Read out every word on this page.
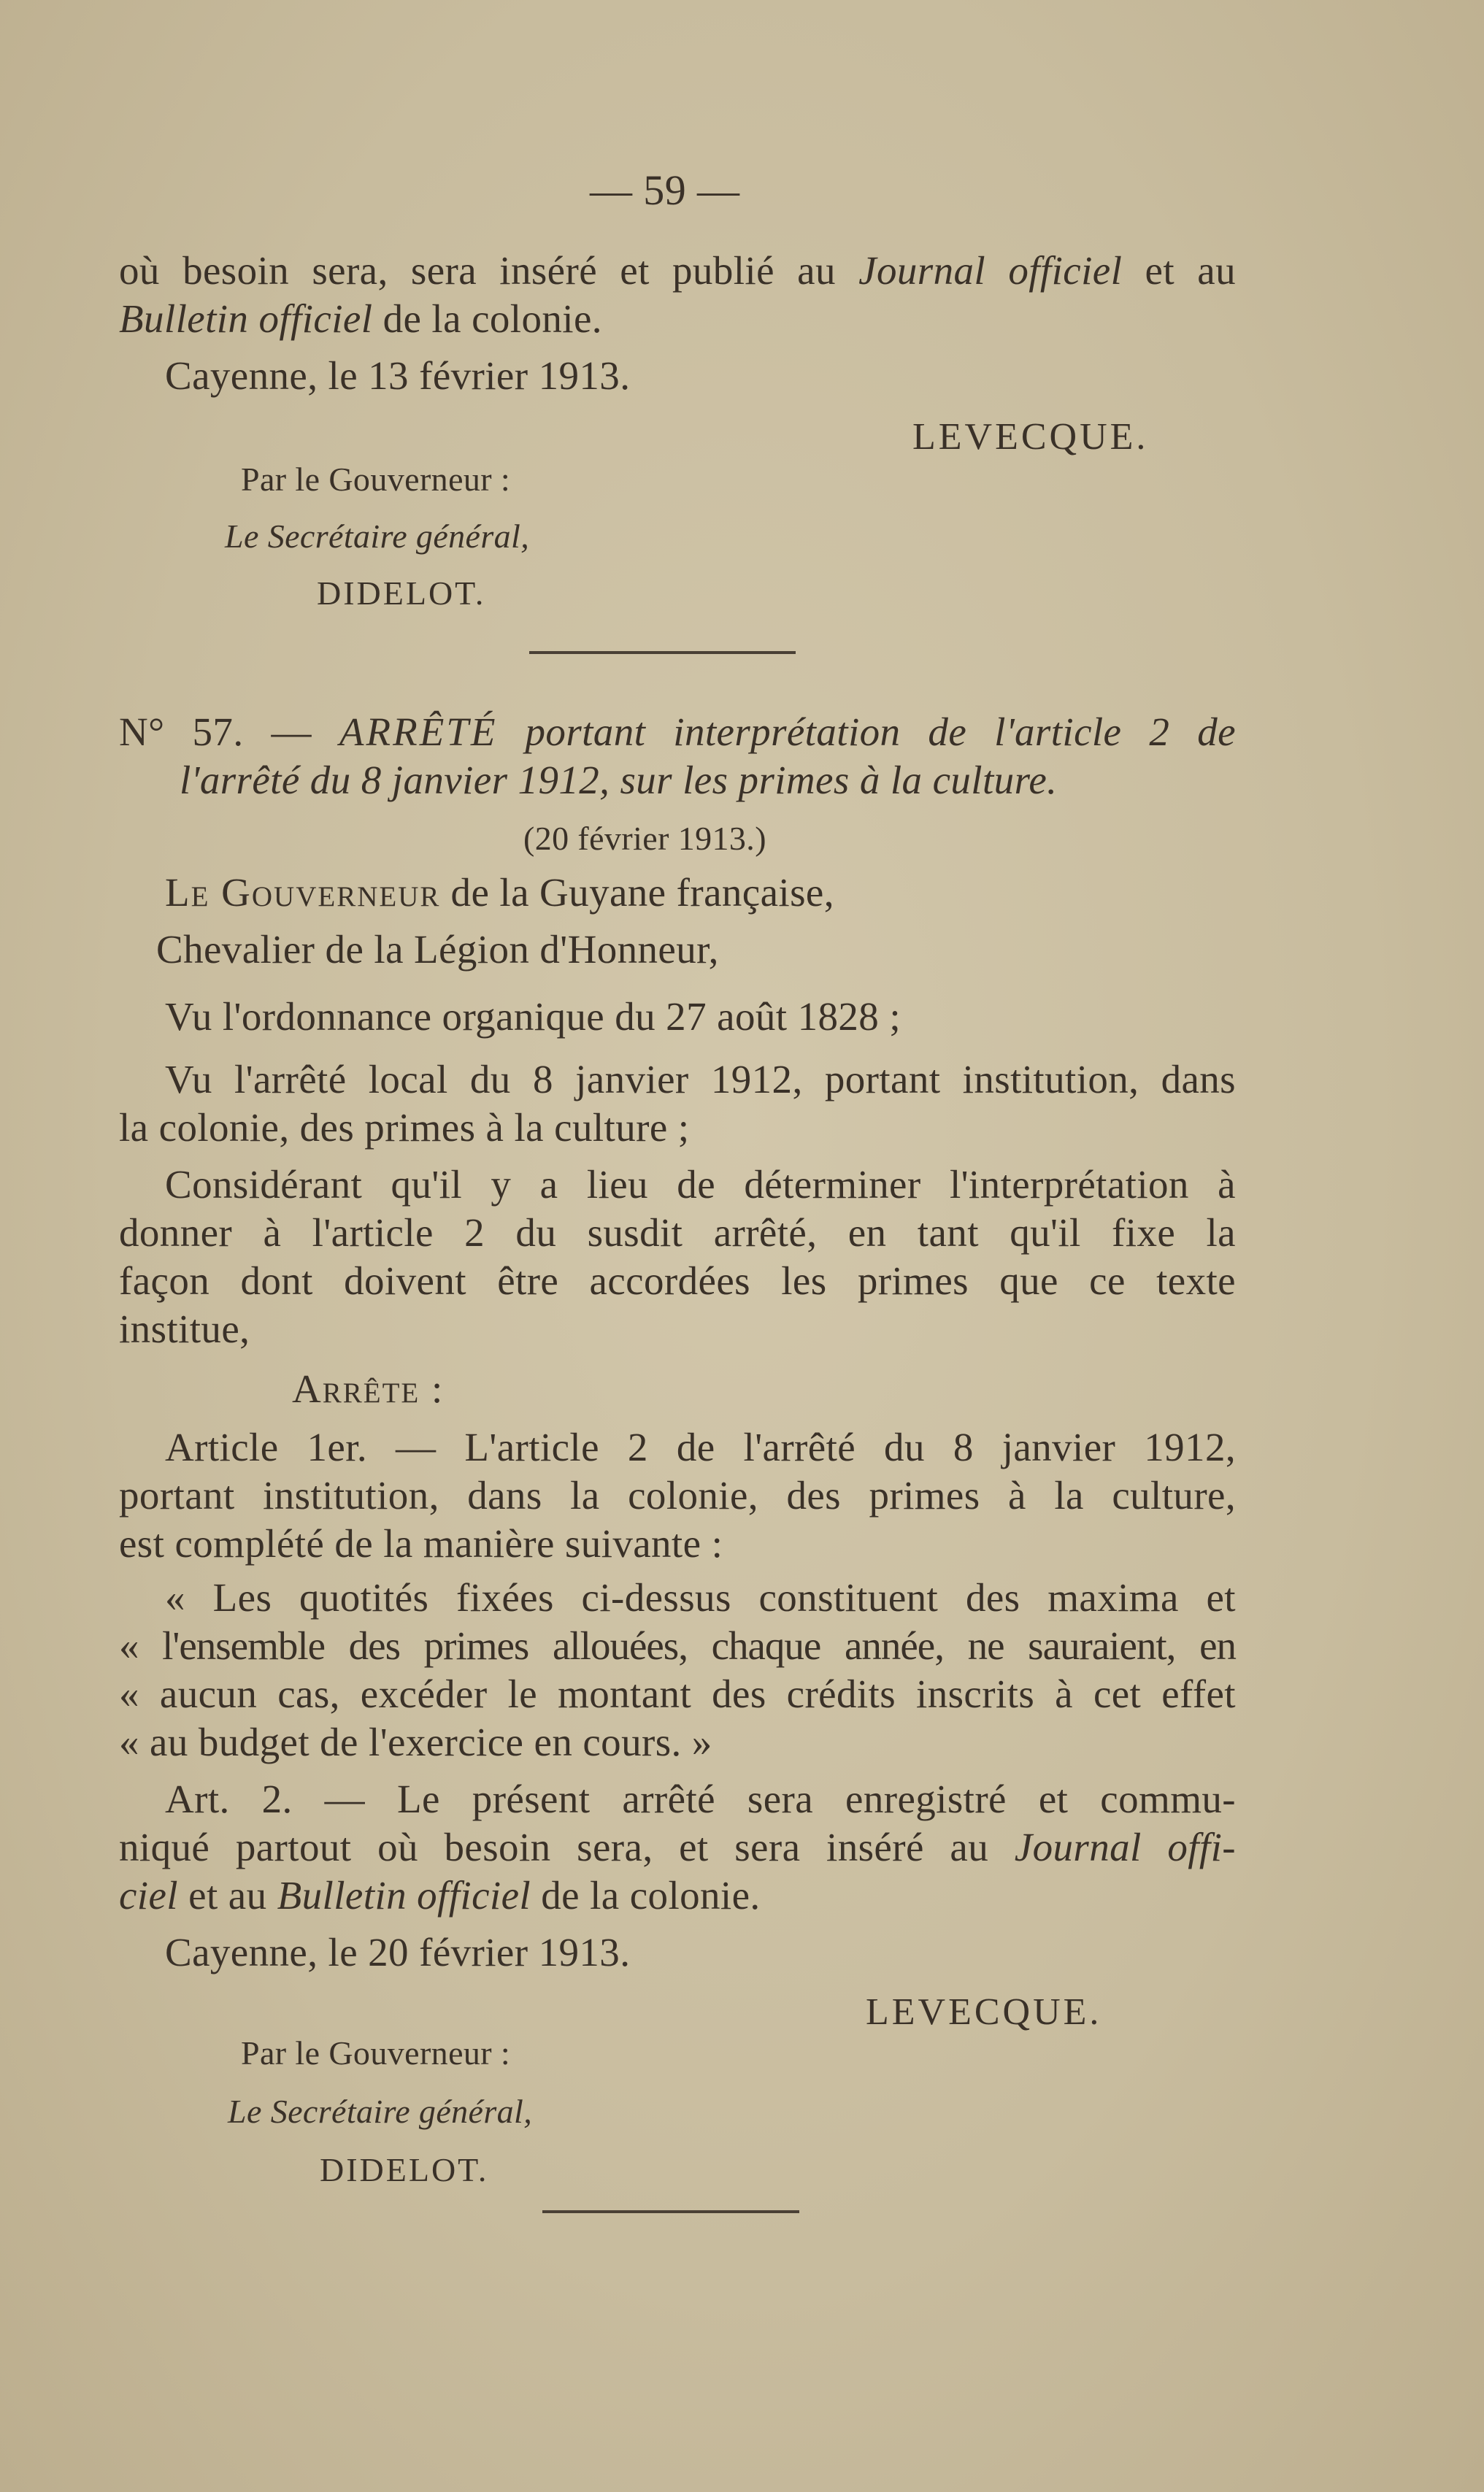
— 59 —
où besoin sera, sera inséré et publié au Journal officiel et au
Bulletin officiel de la colonie.
Cayenne, le 13 février 1913.
LEVECQUE.
Par le Gouverneur :
Le Secrétaire général,
DIDELOT.
N° 57. — ARRÊTÉ portant interprétation de l'article 2 de
l'arrêté du 8 janvier 1912, sur les primes à la culture.
(20 février 1913.)
Le Gouverneur de la Guyane française,
Chevalier de la Légion d'Honneur,
Vu l'ordonnance organique du 27 août 1828 ;
Vu l'arrêté local du 8 janvier 1912, portant institution, dans
la colonie, des primes à la culture ;
Considérant qu'il y a lieu de déterminer l'interprétation à
donner à l'article 2 du susdit arrêté, en tant qu'il fixe la
façon dont doivent être accordées les primes que ce texte
institue,
Arrête :
Article 1er. — L'article 2 de l'arrêté du 8 janvier 1912,
portant institution, dans la colonie, des primes à la culture,
est complété de la manière suivante :
« Les quotités fixées ci-dessus constituent des maxima et
« l'ensemble des primes allouées, chaque année, ne sauraient, en
« aucun cas, excéder le montant des crédits inscrits à cet effet
« au budget de l'exercice en cours. »
Art. 2. — Le présent arrêté sera enregistré et commu-
niqué partout où besoin sera, et sera inséré au Journal offi-
ciel et au Bulletin officiel de la colonie.
Cayenne, le 20 février 1913.
LEVECQUE.
Par le Gouverneur :
Le Secrétaire général,
DIDELOT.
